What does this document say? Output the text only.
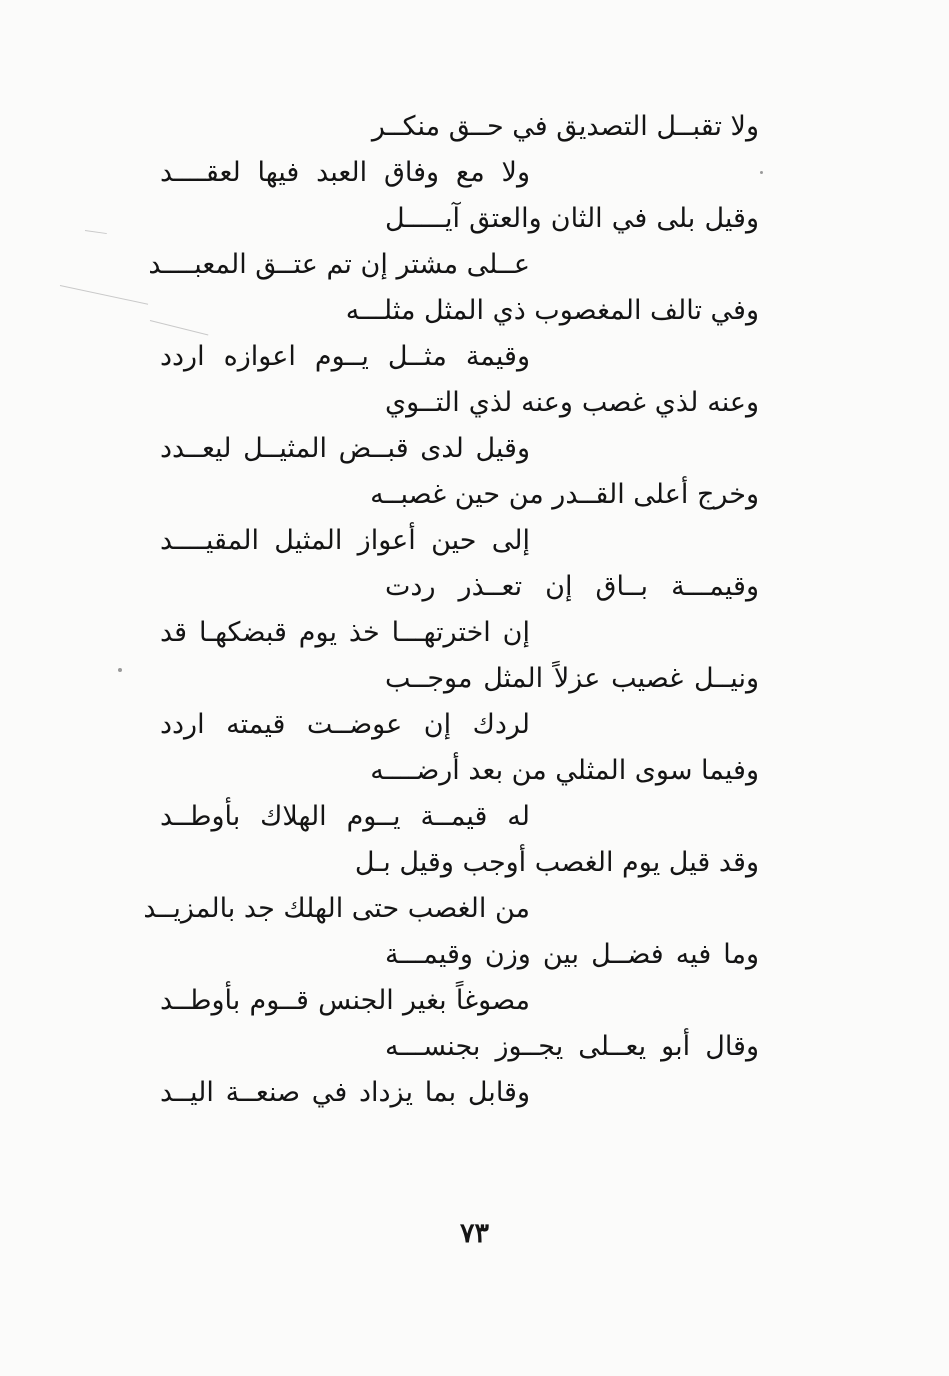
ولا تقبــل التصديق في حــق منكــر
ولا مع وفاق العبد فيها لعقــــد
وقيل بلى في الثان والعتق آيـــــل
عــلى مشتر إن تم عتــق المعبــــد
وفي تالف المغصوب ذي المثل مثلـــه
وقيمة مثــل يــوم اعوازه اردد
وعنه لذي غصب وعنه لذي التــوي
وقيل لدى قبــض المثيــل ليعــدد
وخرج أعلى القــدر من حين غصبــه
إلى حين أعواز المثيل المقيــــد
وقيمـــة بــاق إن تعــذر ردت
إن اخترتهـــا خذ يوم قبضكهـا قد
ونيــل غصيب عزلاً المثل موجــب
لردك إن عوضــت قيمته اردد
وفيما سوى المثلي من بعد أرضــــه
له قيمــة يــوم الهلاك بأوطــد
وقد قيل يوم الغصب أوجب وقيل بـل
من الغصب حتى الهلك جد بالمزيــد
وما فيه فضــل بين وزن وقيمـــة
مصوغاً بغير الجنس قــوم بأوطــد
وقال أبو يعــلى يجــوز بجنســـه
وقابل بما يزداد في صنعــة اليــد
٧٣
